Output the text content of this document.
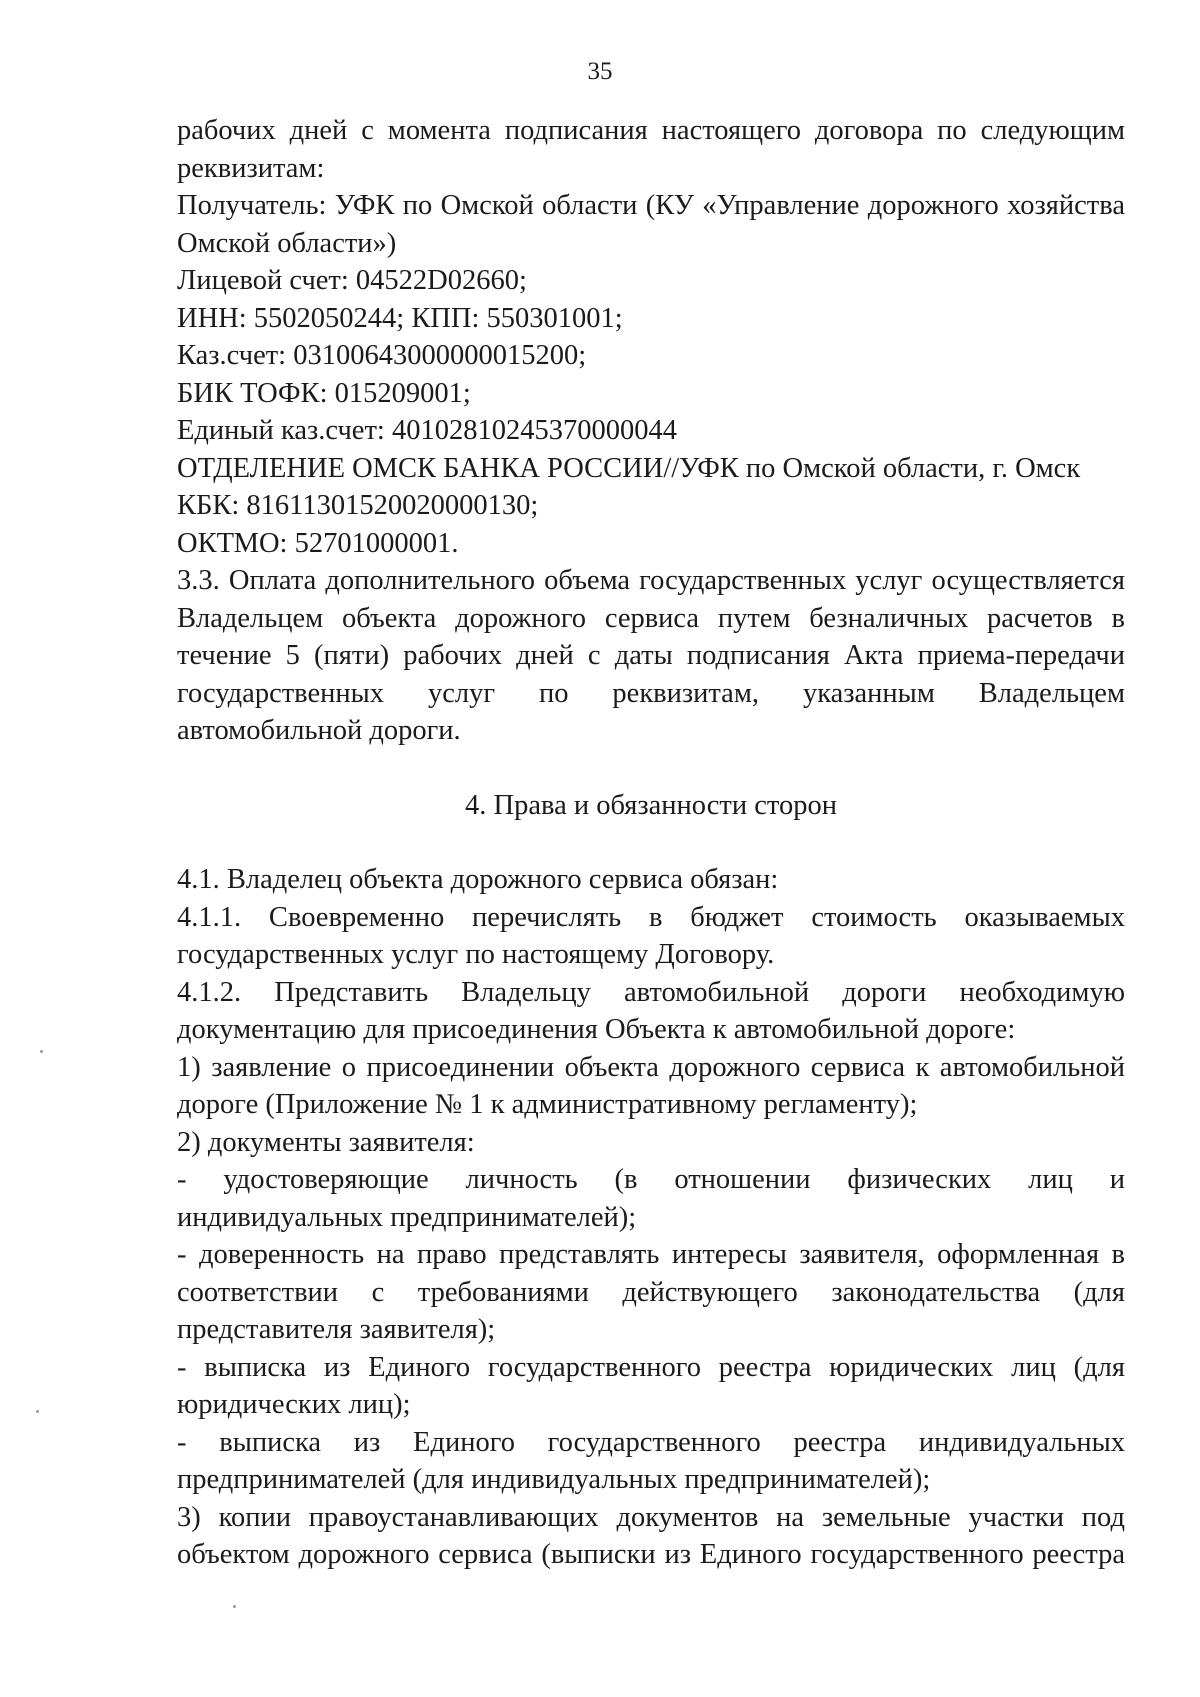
35
рабочих дней с момента подписания настоящего договора по следующим
реквизитам:
Получатель: УФК по Омской области (КУ «Управление дорожного хозяйства
Омской области»)
Лицевой счет: 04522D02660;
ИНН: 5502050244; КПП: 550301001;
Каз.счет: 03100643000000015200;
БИК ТОФК: 015209001;
Единый каз.счет: 40102810245370000044
ОТДЕЛЕНИЕ ОМСК БАНКА РОССИИ//УФК по Омской области, г. Омск
КБК: 81611301520020000130;
ОКТМО: 52701000001.
3.3. Оплата дополнительного объема государственных услуг осуществляется
Владельцем объекта дорожного сервиса путем безналичных расчетов в
течение 5 (пяти) рабочих дней с даты подписания Акта приема-передачи
государственных услуг по реквизитам, указанным Владельцем
автомобильной дороги.
4. Права и обязанности сторон
4.1. Владелец объекта дорожного сервиса обязан:
4.1.1. Своевременно перечислять в бюджет стоимость оказываемых
государственных услуг по настоящему Договору.
4.1.2. Представить Владельцу автомобильной дороги необходимую
документацию для присоединения Объекта к автомобильной дороге:
1) заявление о присоединении объекта дорожного сервиса к автомобильной
дороге (Приложение № 1 к административному регламенту);
2) документы заявителя:
- удостоверяющие личность (в отношении физических лиц и
индивидуальных предпринимателей);
- доверенность на право представлять интересы заявителя, оформленная в
соответствии с требованиями действующего законодательства (для
представителя заявителя);
- выписка из Единого государственного реестра юридических лиц (для
юридических лиц);
- выписка из Единого государственного реестра индивидуальных
предпринимателей (для индивидуальных предпринимателей);
3) копии правоустанавливающих документов на земельные участки под
объектом дорожного сервиса (выписки из Единого государственного реестра
